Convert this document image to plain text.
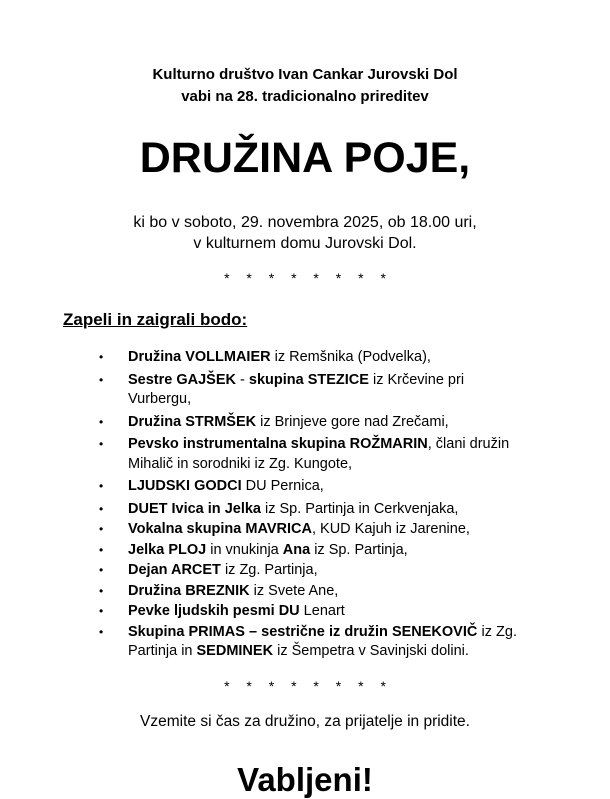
Kulturno društvo Ivan Cankar Jurovski Dol
vabi na 28. tradicionalno prireditev
DRUŽINA POJE,
ki bo v soboto, 29. novembra 2025, ob 18.00 uri,
v kulturnem domu Jurovski Dol.
* * * * * * * *
Zapeli in zaigrali bodo:
• Družina VOLLMAIER iz Remšnika (Podvelka),
• Sestre GAJŠEK - skupina STEZICE iz Krčevine pri Vurbergu,
• Družina STRMŠEK iz Brinjeve gore nad Zrečami,
• Pevsko instrumentalna skupina ROŽMARIN, člani družin Mihalič in sorodniki iz Zg. Kungote,
• LJUDSKI GODCI DU Pernica,
• DUET Ivica in Jelka iz Sp. Partinja in Cerkvenjaka,
• Vokalna skupina MAVRICA, KUD Kajuh iz Jarenine,
• Jelka PLOJ in vnukinja Ana iz Sp. Partinja,
• Dejan ARCET iz Zg. Partinja,
• Družina BREZNIK iz Svete Ane,
• Pevke ljudskih pesmi DU Lenart
• Skupina PRIMAS – sestrične iz družin SENEKOVIČ iz Zg. Partinja in SEDMINEK iz Šempetra v Savinjski dolini.
* * * * * * * *
Vzemite si čas za družino, za prijatelje in pridite.
Vabljeni!
